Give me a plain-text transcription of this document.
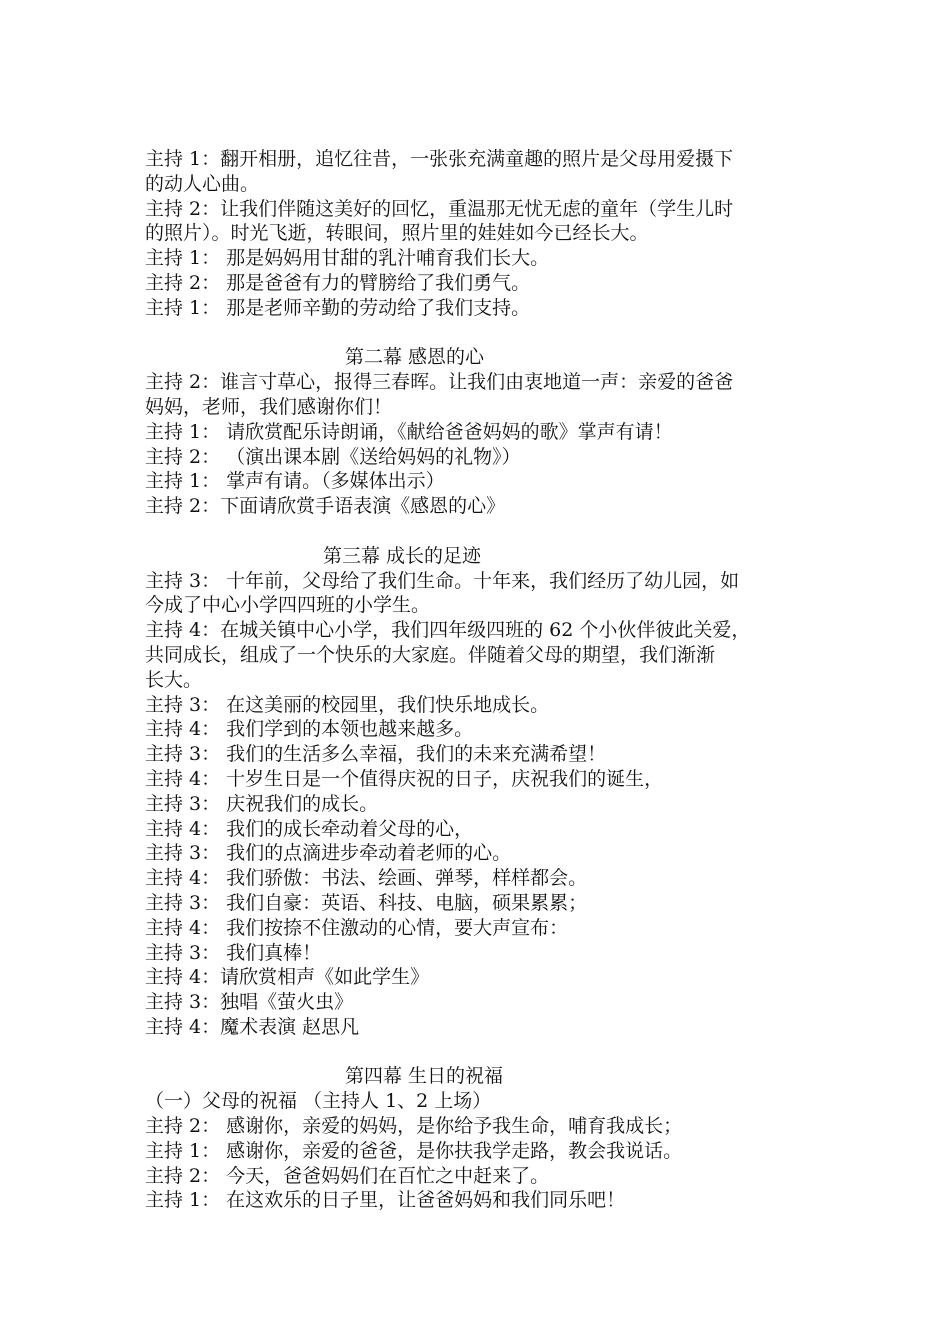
主持 1：翻开相册，追忆往昔，一张张充满童趣的照片是父母用爱摄下
的动人心曲。
主持 2：让我们伴随这美好的回忆，重温那无忧无虑的童年（学生儿时
的照片）。时光飞逝，转眼间，照片里的娃娃如今已经长大。
主持 1： 那是妈妈用甘甜的乳汁哺育我们长大。
主持 2： 那是爸爸有力的臂膀给了我们勇气。
主持 1： 那是老师辛勤的劳动给了我们支持。
第二幕 感恩的心
主持 2：谁言寸草心，报得三春晖。让我们由衷地道一声：亲爱的爸爸
妈妈，老师，我们感谢你们！
主持 1： 请欣赏配乐诗朗诵，《献给爸爸妈妈的歌》掌声有请！
主持 2： （演出课本剧《送给妈妈的礼物》）
主持 1： 掌声有请。（多媒体出示）
主持 2：下面请欣赏手语表演《感恩的心》
第三幕 成长的足迹
主持 3： 十年前，父母给了我们生命。十年来，我们经历了幼儿园，如
今成了中心小学四四班的小学生。
主持 4：在城关镇中心小学，我们四年级四班的 62 个小伙伴彼此关爱，
共同成长，组成了一个快乐的大家庭。伴随着父母的期望，我们渐渐
长大。
主持 3： 在这美丽的校园里，我们快乐地成长。
主持 4： 我们学到的本领也越来越多。
主持 3： 我们的生活多么幸福，我们的未来充满希望！
主持 4： 十岁生日是一个值得庆祝的日子，庆祝我们的诞生，
主持 3： 庆祝我们的成长。
主持 4： 我们的成长牵动着父母的心，
主持 3： 我们的点滴进步牵动着老师的心。
主持 4： 我们骄傲：书法、绘画、弹琴，样样都会。
主持 3： 我们自豪：英语、科技、电脑，硕果累累；
主持 4： 我们按捺不住激动的心情，要大声宣布：
主持 3： 我们真棒！
主持 4：请欣赏相声《如此学生》
主持 3：独唱《萤火虫》
主持 4：魔术表演 赵思凡
第四幕 生日的祝福
（一）父母的祝福 （主持人 1、2 上场）
主持 2： 感谢你，亲爱的妈妈，是你给予我生命，哺育我成长；
主持 1： 感谢你，亲爱的爸爸，是你扶我学走路，教会我说话。
主持 2： 今天，爸爸妈妈们在百忙之中赶来了。
主持 1： 在这欢乐的日子里，让爸爸妈妈和我们同乐吧！
